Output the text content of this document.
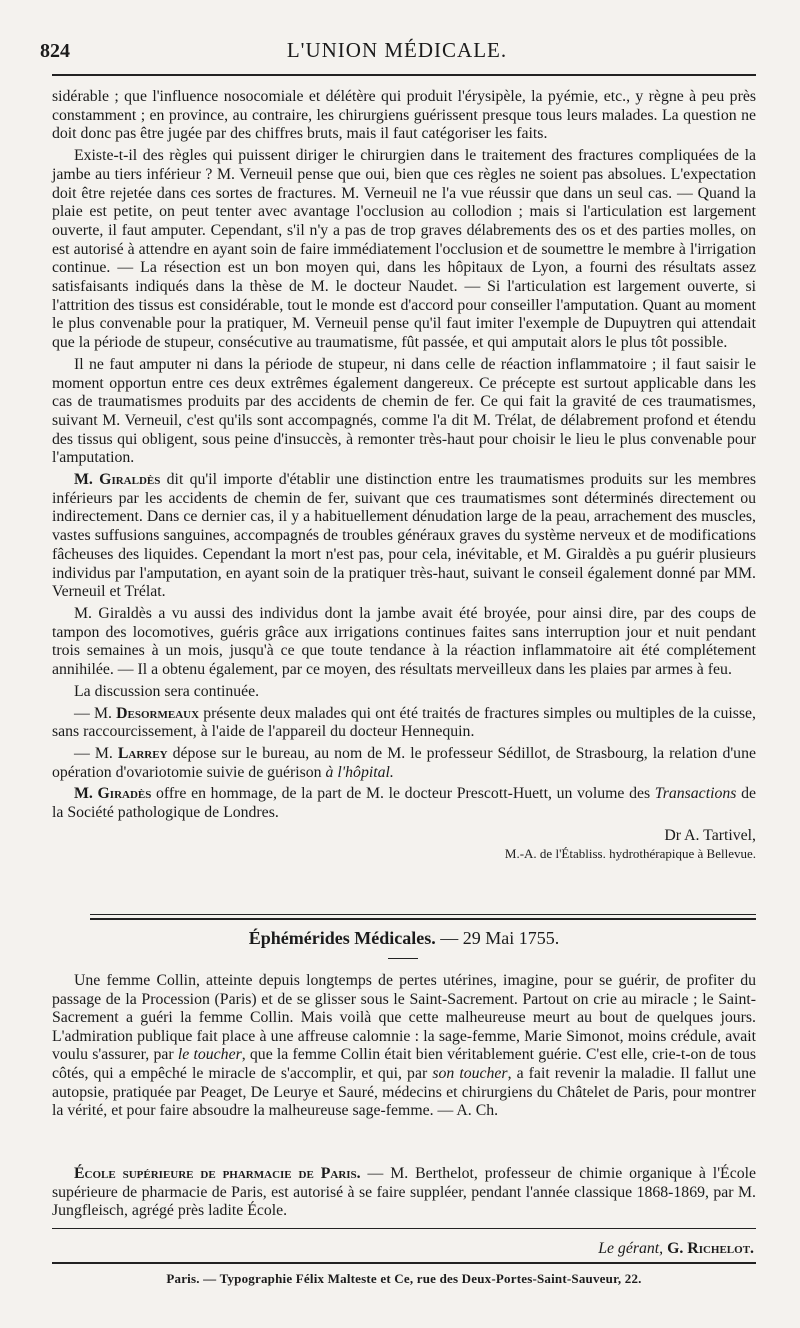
824	L'UNION MÉDICALE.

sidérable ; que l'influence nosocomiale et délétère qui produit l'érysipèle, la pyémie, etc., y règne à peu près constamment ; en province, au contraire, les chirurgiens guérissent presque tous leurs malades. La question ne doit donc pas être jugée par des chiffres bruts, mais il faut catégoriser les faits.

Existe-t-il des règles qui puissent diriger le chirurgien dans le traitement des fractures compliquées de la jambe au tiers inférieur ? M. Verneuil pense que oui, bien que ces règles ne soient pas absolues. L'expectation doit être rejetée dans ces sortes de fractures. M. Verneuil ne l'a vue réussir que dans un seul cas. — Quand la plaie est petite, on peut tenter avec avantage l'occlusion au collodion ; mais si l'articulation est largement ouverte, il faut amputer. Cependant, s'il n'y a pas de trop graves délabrements des os et des parties molles, on est autorisé à attendre en ayant soin de faire immédiatement l'occlusion et de soumettre le membre à l'irrigation continue. — La résection est un bon moyen qui, dans les hôpitaux de Lyon, a fourni des résultats assez satisfaisants indiqués dans la thèse de M. le docteur Naudet. — Si l'articulation est largement ouverte, si l'attrition des tissus est considérable, tout le monde est d'accord pour conseiller l'amputation. Quant au moment le plus convenable pour la pratiquer, M. Verneuil pense qu'il faut imiter l'exemple de Dupuytren qui attendait que la période de stupeur, consécutive au traumatisme, fût passée, et qui amputait alors le plus tôt possible.

Il ne faut amputer ni dans la période de stupeur, ni dans celle de réaction inflammatoire ; il faut saisir le moment opportun entre ces deux extrêmes également dangereux. Ce précepte est surtout applicable dans les cas de traumatismes produits par des accidents de chemin de fer. Ce qui fait la gravité de ces traumatismes, suivant M. Verneuil, c'est qu'ils sont accompagnés, comme l'a dit M. Trélat, de délabrement profond et étendu des tissus qui obligent, sous peine d'insuccès, à remonter très-haut pour choisir le lieu le plus convenable pour l'amputation.

M. Giraldès dit qu'il importe d'établir une distinction entre les traumatismes produits sur les membres inférieurs par les accidents de chemin de fer, suivant que ces traumatismes sont déterminés directement ou indirectement. Dans ce dernier cas, il y a habituellement dénudation large de la peau, arrachement des muscles, vastes suffusions sanguines, accompagnés de troubles généraux graves du système nerveux et de modifications fâcheuses des liquides. Cependant la mort n'est pas, pour cela, inévitable, et M. Giraldès a pu guérir plusieurs individus par l'amputation, en ayant soin de la pratiquer très-haut, suivant le conseil également donné par MM. Verneuil et Trélat.

M. Giraldès a vu aussi des individus dont la jambe avait été broyée, pour ainsi dire, par des coups de tampon des locomotives, guéris grâce aux irrigations continues faites sans interruption jour et nuit pendant trois semaines à un mois, jusqu'à ce que toute tendance à la réaction inflammatoire ait été complétement annihilée. — Il a obtenu également, par ce moyen, des résultats merveilleux dans les plaies par armes à feu.

La discussion sera continuée.

— M. Desormeaux présente deux malades qui ont été traités de fractures simples ou multiples de la cuisse, sans raccourcissement, à l'aide de l'appareil du docteur Hennequin.

— M. Larrey dépose sur le bureau, au nom de M. le professeur Sédillot, de Strasbourg, la relation d'une opération d'ovariotomie suivie de guérison à l'hôpital.

M. Giradès offre en hommage, de la part de M. le docteur Prescott-Huett, un volume des Transactions de la Société pathologique de Londres.

Dr A. Tartivel,
M.-A. de l'Établiss. hydrothérapique à Bellevue.
Éphémérides Médicales. — 29 Mai 1755.

Une femme Collin, atteinte depuis longtemps de pertes utérines, imagine, pour se guérir, de profiter du passage de la Procession (Paris) et de se glisser sous le Saint-Sacrement. Partout on crie au miracle ; le Saint-Sacrement a guéri la femme Collin. Mais voilà que cette malheureuse meurt au bout de quelques jours. L'admiration publique fait place à une affreuse calomnie : la sage-femme, Marie Simonot, moins crédule, avait voulu s'assurer, par le toucher, que la femme Collin était bien véritablement guérie. C'est elle, crie-t-on de tous côtés, qui a empêché le miracle de s'accomplir, et qui, par son toucher, a fait revenir la maladie. Il fallut une autopsie, pratiquée par Peaget, De Leurye et Sauré, médecins et chirurgiens du Châtelet de Paris, pour montrer la vérité, et pour faire absoudre la malheureuse sage-femme. — A. Ch.

École supérieure de pharmacie de Paris. — M. Berthelot, professeur de chimie organique à l'École supérieure de pharmacie de Paris, est autorisé à se faire suppléer, pendant l'année classique 1868-1869, par M. Jungfleisch, agrégé près ladite École.

Le gérant, G. Richelot.
Paris. — Typographie Félix Malteste et Ce, rue des Deux-Portes-Saint-Sauveur, 22.
